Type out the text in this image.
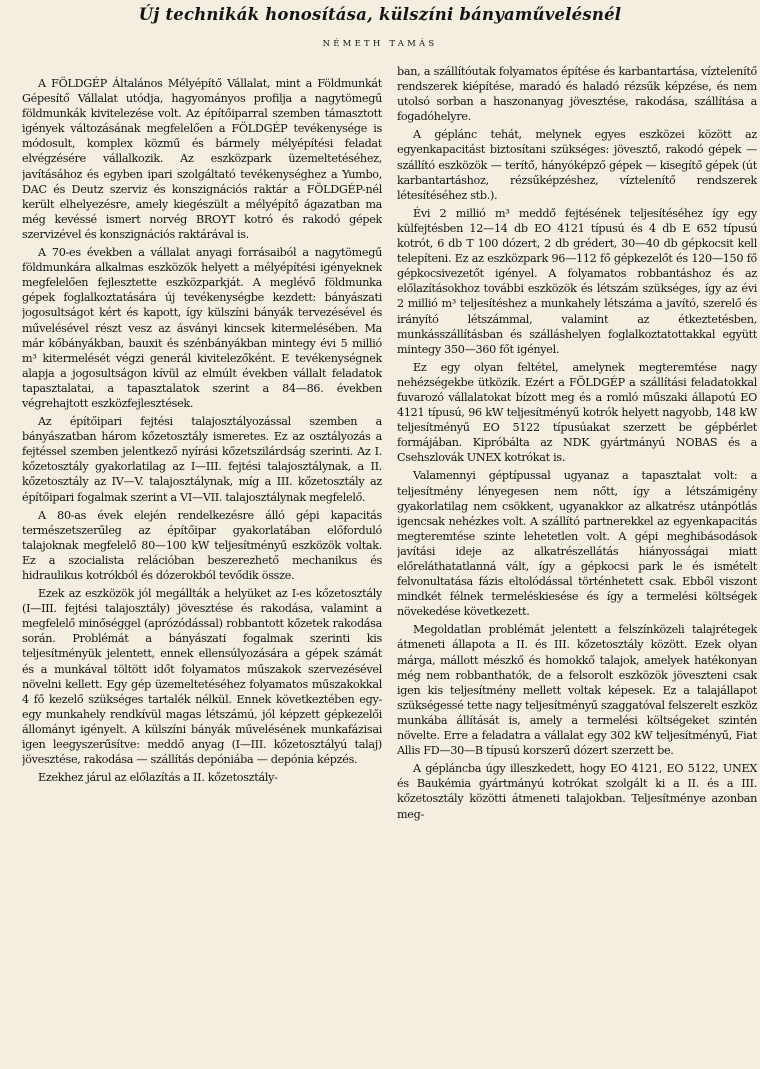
Új technikák honosítása, külszíni bányaművelésnél
NÉMETH TAMÁS

A FÖLDGÉP Általános Mélyépítő Vállalat, mint a Földmunkát Gépesítő Vállalat utódja, hagyományos profilja a nagytömegű földmunkák kivitelezése volt. Az építőiparral szemben támasztott igények változásának megfelelően a FÖLDGÉP tevékenysége is módosult, komplex közmű és bármely mélyépítési feladat elvégzésére vállalkozik. Az eszközpark üzemeltetéséhez, javításához és egyben ipari szolgáltató tevékenységhez a Yumbo, DAC és Deutz szerviz és konszignációs raktár a FÖLDGÉP-nél került elhelyezésre, amely kiegészült a mélyépítő ágazatban ma még kevéssé ismert norvég BROYT kotró és rakodó gépek szervizével és konszignációs raktárával is.

A 70-es években a vállalat anyagi forrásaiból a nagytömegű földmunkára alkalmas eszközök helyett a mélyépítési igényeknek megfelelően fejlesztette eszközparkját. A meglévő földmunka gépek foglalkoztatására új tevékenységbe kezdett: bányászati jogosultságot kért és kapott, így külszíni bányák tervezésével és művelésével részt vesz az ásványi kincsek kitermelésében. Ma már kőbányákban, bauxit és szénbányákban mintegy évi 5 millió m³ kitermelését végzi generál kivitelezőként. E tevékenységnek alapja a jogosultságon kívül az elmúlt években vállalt feladatok tapasztalatai, a tapasztalatok szerint a 84—86. években végrehajtott eszközfejlesztések.

Az építőipari fejtési talajosztályozással szemben a bányászatban három kőzetosztály ismeretes. Ez az osztályozás a fejtéssel szemben jelentkező nyírási kőzetszilárdság szerinti. Az I. kőzetosztály gyakorlatilag az I—III. fejtési talajosztálynak, a II. kőzetosztály az IV—V. talajosztálynak, míg a III. kőzetosztály az építőipari fogalmak szerint a VI—VII. talajosztálynak megfelelő.

A 80-as évek elején rendelkezésre álló gépi kapacitás természetszerűleg az építőipar gyakorlatában előforduló talajoknak megfelelő 80—100 kW teljesítményű eszközök voltak. Ez a szocialista relációban beszerezhető mechanikus és hidraulikus kotrókból és dózerokból tevődik össze.

Ezek az eszközök jól megállták a helyüket az I-es kőzetosztály (I—III. fejtési talajosztály) jövesztése és rakodása, valamint a megfelelő minőséggel (aprózódással) robbantott kőzetek rakodása során. Problémát a bányászati fogalmak szerinti kis teljesítményük jelentett, ennek ellensúlyozására a gépek számát és a munkával töltött időt folyamatos műszakok szervezésével növelni kellett. Egy gép üzemeltetéséhez folyamatos műszakokkal 4 fő kezelő szükséges tartalék nélkül. Ennek következtében egy-egy munkahely rendkívül magas létszámú, jól képzett gépkezelői állományt igényelt. A külszíni bányák művelésének munkafázisai igen leegyszerűsítve: meddő anyag (I—III. kőzetosztályú talaj) jövesztése, rakodása — szállítás depóniába — depónia képzés.

Ezekhez járul az előlazítás a II. kőzetosztály-

ban, a szállítóutak folyamatos építése és karbantartása, víztelenítő rendszerek kiépítése, maradó és haladó rézsűk képzése, és nem utolsó sorban a haszonanyag jövesztése, rakodása, szállítása a fogadóhelyre.

A géplánc tehát, melynek egyes eszközei között az egyenkapacitást biztosítani szükséges: jövesztő, rakodó gépek — szállító eszközök — terítő, hányóképző gépek — kisegítő gépek (út karbantartáshoz, rézsűképzéshez, víztelenítő rendszerek létesítéséhez stb.).

Évi 2 millió m³ meddő fejtésének teljesítéséhez így egy külfejtésben 12—14 db EO 4121 típusú és 4 db E 652 típusú kotrót, 6 db T 100 dózert, 2 db grédert, 30—40 db gépkocsit kell telepíteni. Ez az eszközpark 96—112 fő gépkezelőt és 120—150 fő gépkocsivezetőt igényel. A folyamatos robbantáshoz és az előlazításokhoz további eszközök és létszám szükséges, így az évi 2 millió m³ teljesítéshez a munkahely létszáma a javító, szerelő és irányító létszámmal, valamint az étkeztetésben, munkásszállításban és szálláshelyen foglalkoztatottakkal együtt mintegy 350—360 főt igényel.

Ez egy olyan feltétel, amelynek megteremtése nagy nehézségekbe ütközik. Ezért a FÖLDGÉP a szállítási feladatokkal fuvarozó vállalatokat bízott meg és a romló műszaki állapotú EO 4121 típusú, 96 kW teljesítményű kotrók helyett nagyobb, 148 kW teljesítményű EO 5122 típusúakat szerzett be gépbérlet formájában. Kipróbálta az NDK gyártmányú NOBAS és a Csehszlovák UNEX kotrókat is.

Valamennyi géptípussal ugyanaz a tapasztalat volt: a teljesítmény lényegesen nem nőtt, így a létszámigény gyakorlatilag nem csökkent, ugyanakkor az alkatrész utánpótlás igencsak nehézkes volt. A szállító partnerekkel az egyenkapacitás megteremtése szinte lehetetlen volt. A gépi meghibásodások javítási ideje az alkatrészellátás hiányosságai miatt előreláthatatlanná vált, így a gépkocsi park le és ismételt felvonultatása fázis eltolódással történhetett csak. Ebből viszont mindkét félnek termeléskiesése és így a termelési költségek növekedése következett.

Megoldatlan problémát jelentett a felszínközeli talajrétegek átmeneti állapota a II. és III. kőzetosztály között. Ezek olyan márga, mállott mészkő és homokkő talajok, amelyek hatékonyan még nem robbanthatók, de a felsorolt eszközök jöveszteni csak igen kis teljesítmény mellett voltak képesek. Ez a talajállapot szükségessé tette nagy teljesítményű szaggatóval felszerelt eszköz munkába állítását is, amely a termelési költségeket szintén növelte. Erre a feladatra a vállalat egy 302 kW teljesítményű, Fiat Allis FD—30—B típusú korszerű dózert szerzett be.

A gépláncba úgy illeszkedett, hogy EO 4121, EO 5122, UNEX és Baukémia gyártmányú kotrókat szolgált ki a II. és a III. kőzetosztály közötti átmeneti talajokban. Teljesítménye azonban meg-
